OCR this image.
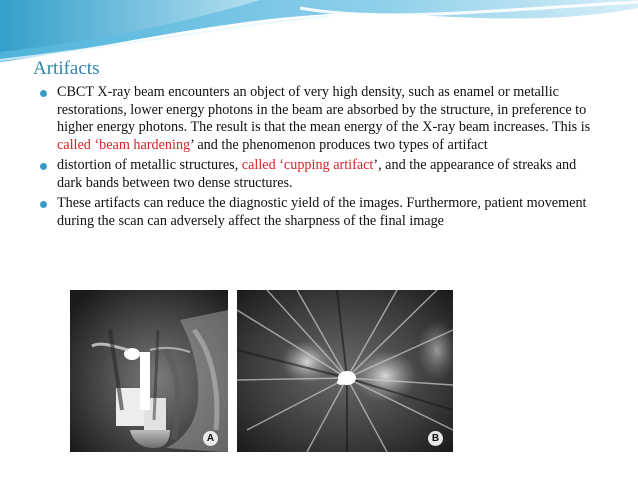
Artifacts
CBCT X-ray beam encounters an object of very high density, such as enamel or metallic restorations, lower energy photons in the beam are absorbed by the structure, in preference to higher energy photons. The result is that the mean energy of the X-ray beam increases. This is called ‘beam hardening’ and the phenomenon produces two types of artifact
distortion of metallic structures, called ‘cupping artifact’, and the appearance of streaks and dark bands between two dense structures.
These artifacts can reduce the diagnostic yield of the images. Furthermore, patient movement during the scan can adversely affect the sharpness of the final image
A	B
